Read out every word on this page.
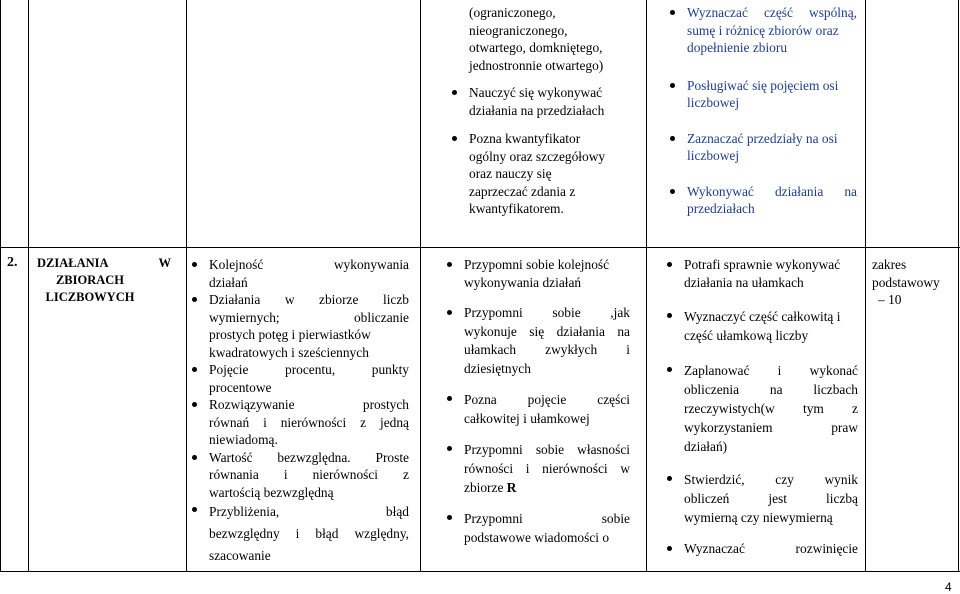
(ograniczonego,
nieograniczonego,
otwartego, domkniętego,
jednostronnie otwartego)
Nauczyć się wykonywać
działania na przedziałach
Pozna kwantyfikator
ogólny oraz szczegółowy
oraz nauczy się
zaprzeczać zdania z
kwantyfikatorem.
Wyznaczać część wspólną,
sumę i różnicę zbiorów oraz
dopełnienie zbioru
Posługiwać się pojęciem osi
liczbowej
Zaznaczać przedziały na osi
liczbowej
Wykonywać działania na
przedziałach
2.	W
DZIAŁANIA
ZBIORACH
LICZBOWYCH
Kolejność wykonywania
działań
Działania w zbiorze liczb
wymiernych; obliczanie
prostych potęg i pierwiastków
kwadratowych i sześciennych
Pojęcie procentu, punkty
procentowe
Rozwiązywanie prostych
równań i nierówności z jedną
niewiadomą.
Wartość bezwzględna. Proste
równania i nierówności z
wartością bezwzględną
Przybliżenia, błąd
bezwzględny i błąd względny,
szacowanie
Przypomni sobie kolejność
wykonywania działań
Przypomni sobie ,jak
wykonuje się działania na
ułamkach zwykłych i
dziesiętnych
Pozna pojęcie części
całkowitej i ułamkowej
Przypomni sobie własności
równości i nierówności w
zbiorze R
Przypomni sobie
podstawowe wiadomości o
Potrafi sprawnie wykonywać
działania na ułamkach
Wyznaczyć część całkowitą i
część ułamkową liczby
Zaplanować i wykonać
obliczenia na liczbach
rzeczywistych(w tym z
wykorzystaniem praw
działań)
Stwierdzić, czy wynik
obliczeń jest liczbą
wymierną czy niewymierną
Wyznaczać rozwinięcie
zakres
podstawowy
– 10
4
